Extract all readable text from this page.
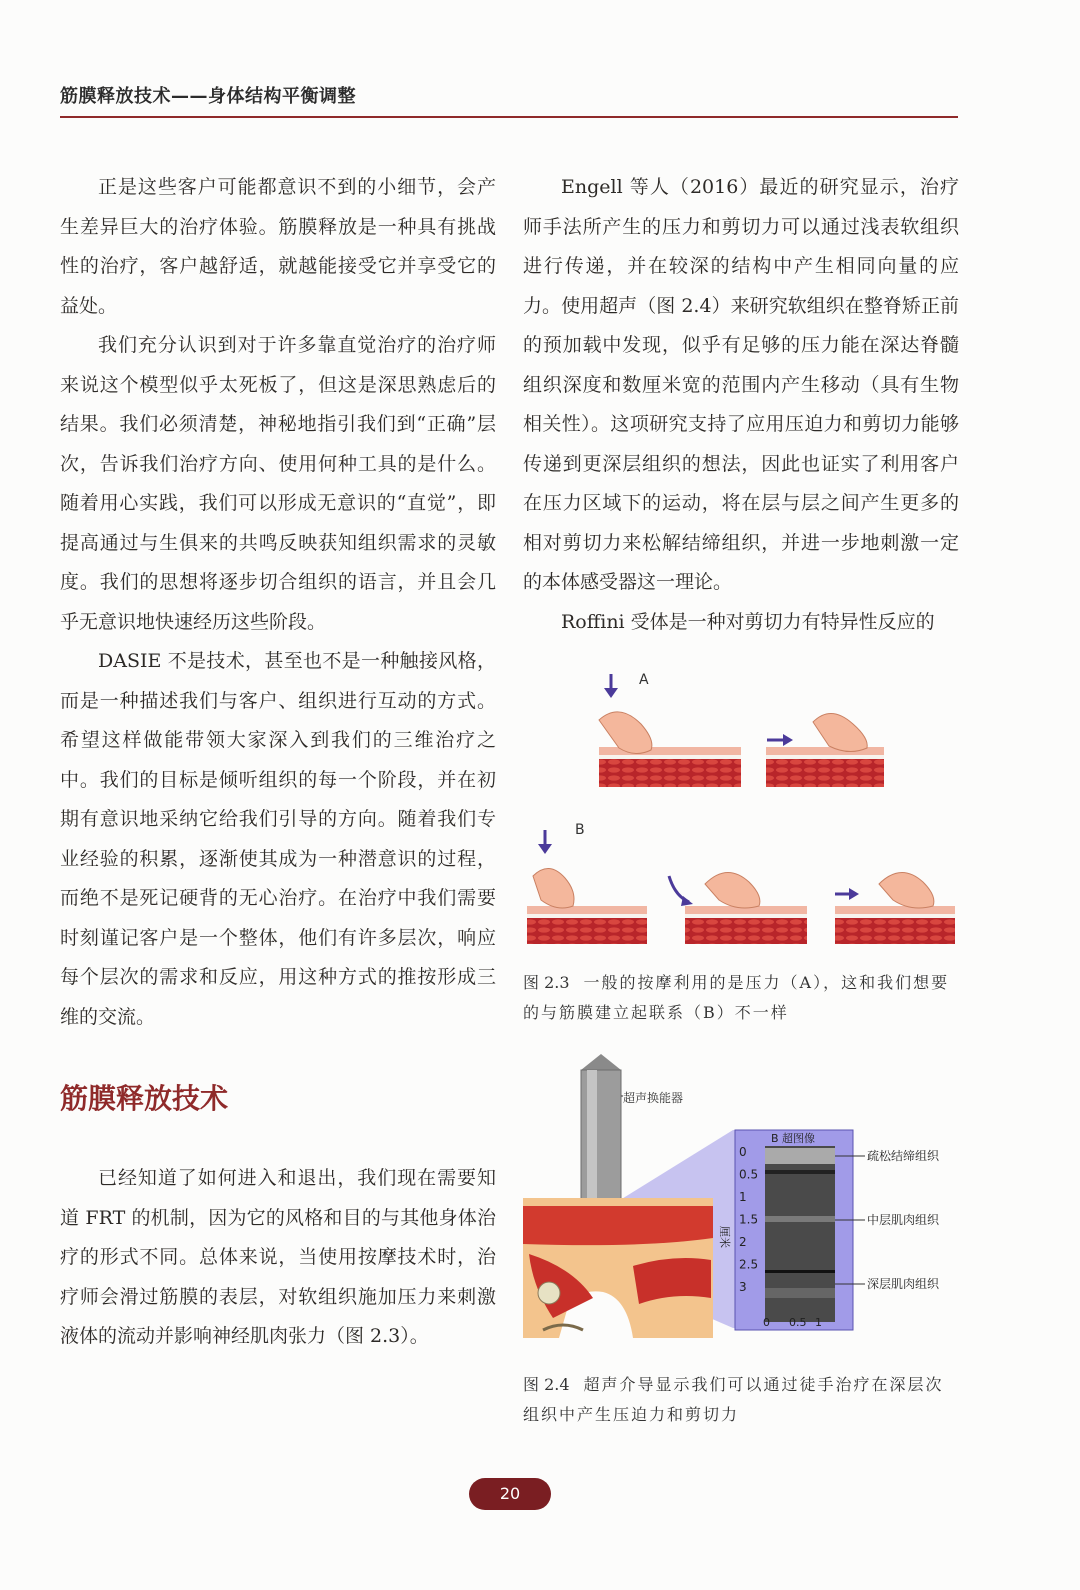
筋膜释放技术——身体结构平衡调整

正是这些客户可能都意识不到的小细节，会产生差异巨大的治疗体验。筋膜释放是一种具有挑战性的治疗，客户越舒适，就越能接受它并享受它的益处。

我们充分认识到对于许多靠直觉治疗的治疗师来说这个模型似乎太死板了，但这是深思熟虑后的结果。我们必须清楚，神秘地指引我们到“正确”层次，告诉我们治疗方向、使用何种工具的是什么。随着用心实践，我们可以形成无意识的“直觉”，即提高通过与生俱来的共鸣反映获知组织需求的灵敏度。我们的思想将逐步切合组织的语言，并且会几乎无意识地快速经历这些阶段。

DASIE 不是技术，甚至也不是一种触接风格，而是一种描述我们与客户、组织进行互动的方式。希望这样做能带领大家深入到我们的三维治疗之中。我们的目标是倾听组织的每一个阶段，并在初期有意识地采纳它给我们引导的方向。随着我们专业经验的积累，逐渐使其成为一种潜意识的过程，而绝不是死记硬背的无心治疗。在治疗中我们需要时刻谨记客户是一个整体，他们有许多层次，响应每个层次的需求和反应，用这种方式的推按形成三维的交流。

筋膜释放技术

已经知道了如何进入和退出，我们现在需要知道 FRT 的机制，因为它的风格和目的与其他身体治疗的形式不同。总体来说，当使用按摩技术时，治疗师会滑过筋膜的表层，对软组织施加压力来刺激液体的流动并影响神经肌肉张力（图 2.3）。

Engell 等人（2016）最近的研究显示，治疗师手法所产生的压力和剪切力可以通过浅表软组织进行传递，并在较深的结构中产生相同向量的应力。使用超声（图 2.4）来研究软组织在整脊矫正前的预加载中发现，似乎有足够的压力能在深达脊髓组织深度和数厘米宽的范围内产生移动（具有生物相关性）。这项研究支持了应用压迫力和剪切力能够传递到更深层组织的想法，因此也证实了利用客户在压力区域下的运动，将在层与层之间产生更多的相对剪切力来松解结缔组织，并进一步地刺激一定的本体感受器这一理论。

Roffini 受体是一种对剪切力有特异性反应的

A
B
图 2.3 一般的按摩利用的是压力（A），这和我们想要的与筋膜建立起联系（B）不一样
超声换能器
B 超图像
0
0.5
1
1.5
2
2.5
3
厘米
0 0.5 1
疏松结缔组织
中层肌肉组织
深层肌肉组织
图 2.4 超声介导显示我们可以通过徒手治疗在深层次组织中产生压迫力和剪切力
20
